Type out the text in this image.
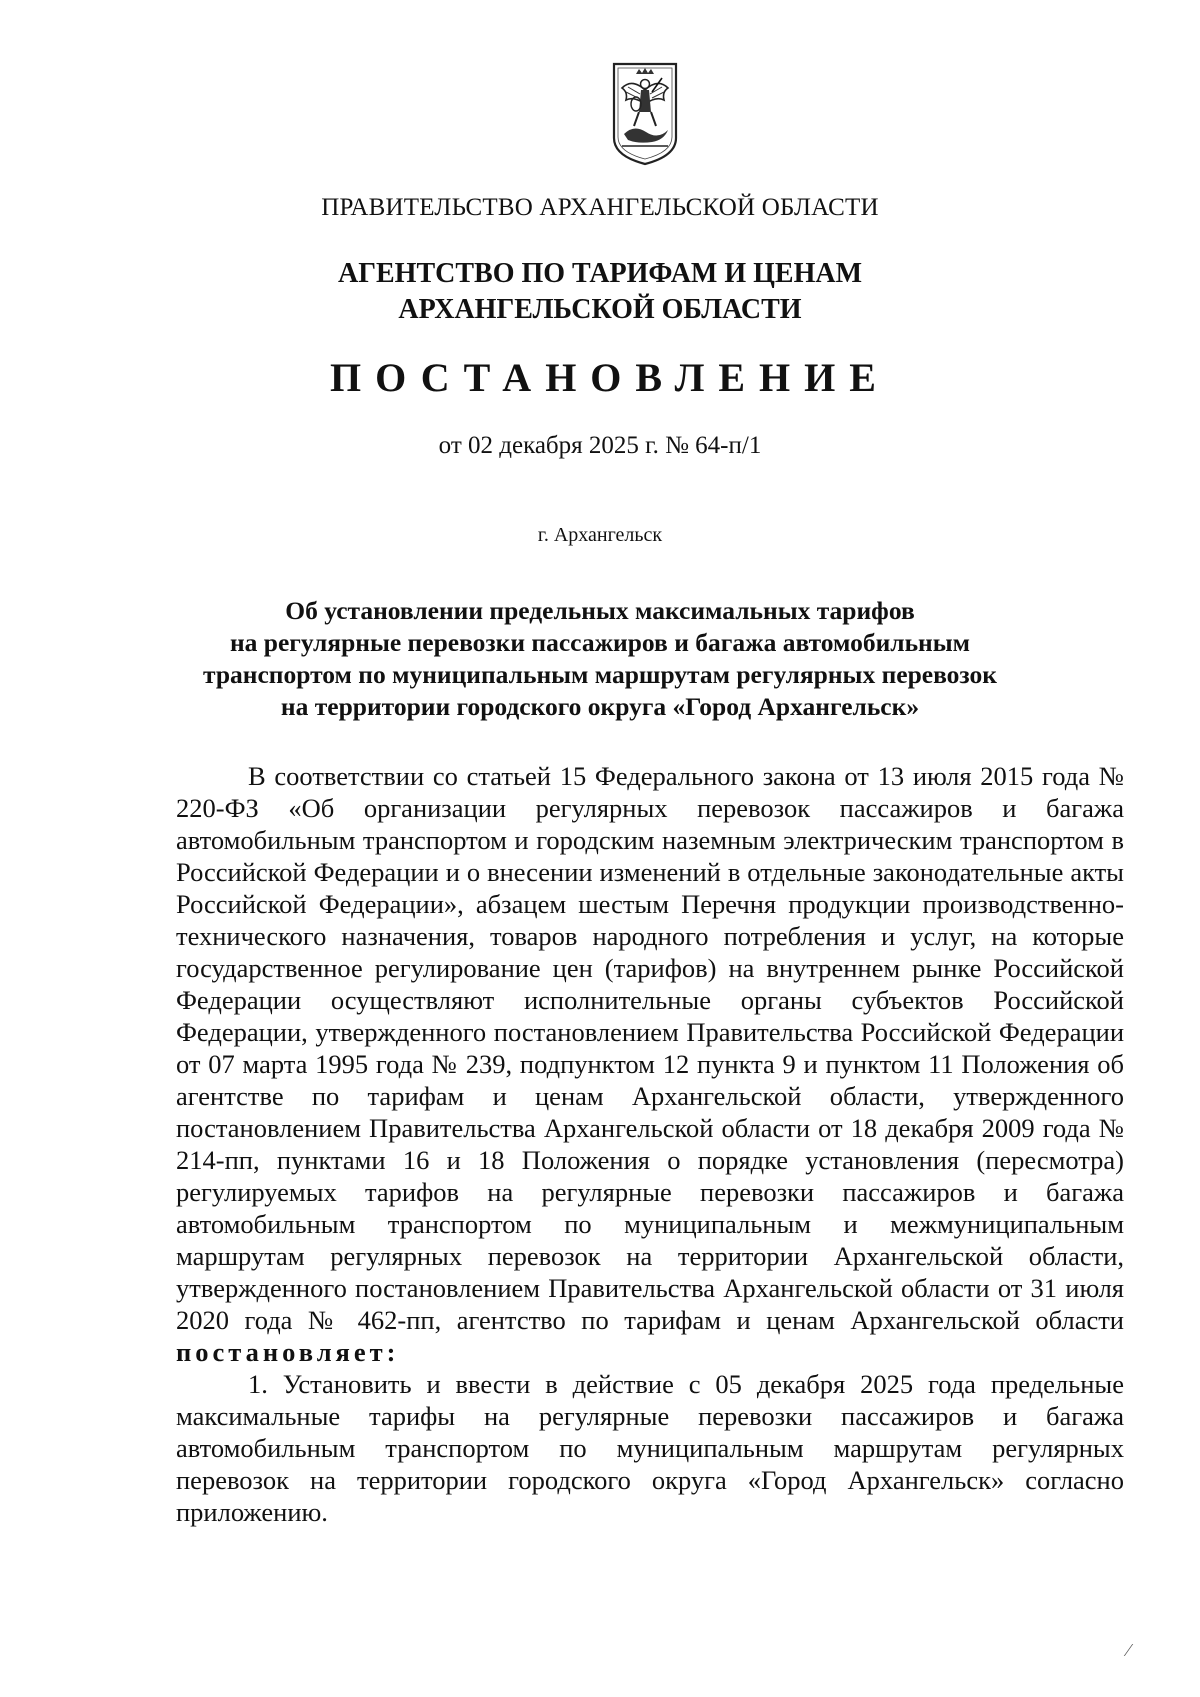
ПРАВИТЕЛЬСТВО АРХАНГЕЛЬСКОЙ ОБЛАСТИ
АГЕНТСТВО ПО ТАРИФАМ И ЦЕНАМ
АРХАНГЕЛЬСКОЙ ОБЛАСТИ
ПОСТАНОВЛЕНИЕ
от 02 декабря 2025 г. № 64-п/1
г. Архангельск
Об установлении предельных максимальных тарифов
на регулярные перевозки пассажиров и багажа автомобильным
транспортом по муниципальным маршрутам регулярных перевозок
на территории городского округа «Город Архангельск»

В соответствии со статьей 15 Федерального закона от 13 июля 2015 года № 220-ФЗ «Об организации регулярных перевозок пассажиров и багажа автомобильным транспортом и городским наземным электрическим транспортом в Российской Федерации и о внесении изменений в отдельные законодательные акты Российской Федерации», абзацем шестым Перечня продукции производственно-технического назначения, товаров народного потребления и услуг, на которые государственное регулирование цен (тарифов) на внутреннем рынке Российской Федерации осуществляют исполнительные органы субъектов Российской Федерации, утвержденного постановлением Правительства Российской Федерации от 07 марта 1995 года № 239, подпунктом 12 пункта 9 и пунктом 11 Положения об агентстве по тарифам и ценам Архангельской области, утвержденного постановлением Правительства Архангельской области от 18 декабря 2009 года № 214-пп, пунктами 16 и 18 Положения о порядке установления (пересмотра) регулируемых тарифов на регулярные перевозки пассажиров и багажа автомобильным транспортом по муниципальным и межмуниципальным маршрутам регулярных перевозок на территории Архангельской области, утвержденного постановлением Правительства Архангельской области от 31 июля 2020 года № 462-пп, агентство по тарифам и ценам Архангельской области постановляет:

1. Установить и ввести в действие с 05 декабря 2025 года предельные максимальные тарифы на регулярные перевозки пассажиров и багажа автомобильным транспортом по муниципальным маршрутам регулярных перевозок на территории городского округа «Город Архангельск» согласно приложению.

⁄
